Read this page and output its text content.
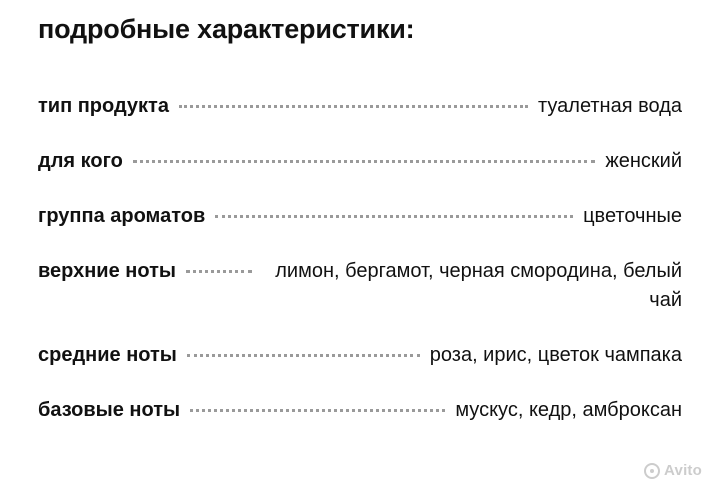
подробные характеристики:
тип продукта	туалетная вода
для кого	женский
группа ароматов	цветочные
верхние ноты	лимон, бергамот, черная смородина, белый чай
средние ноты	роза, ирис, цветок чампака
базовые ноты	мускус, кедр, амброксан
Avito
